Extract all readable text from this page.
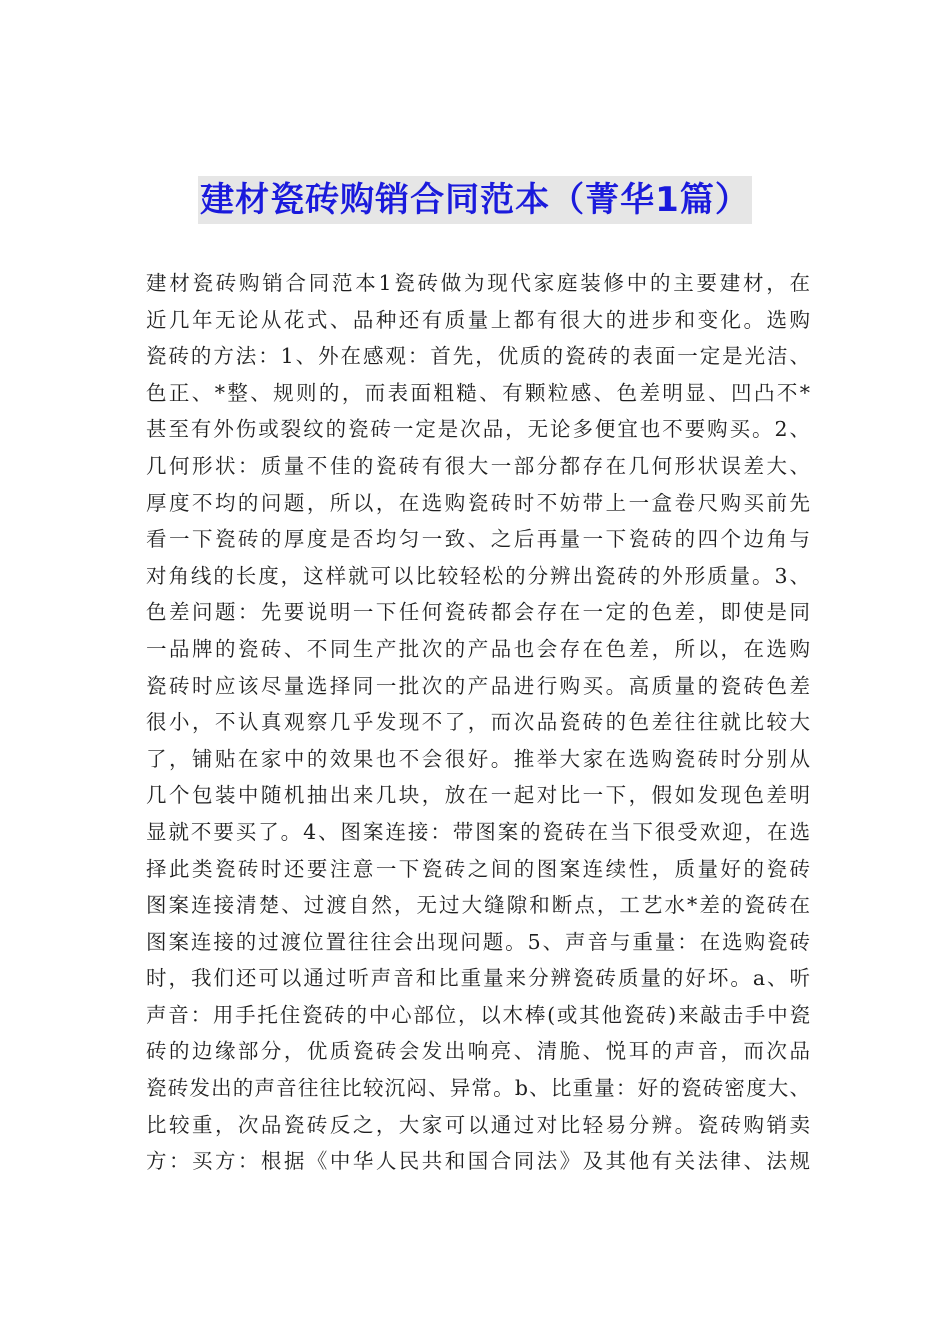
建材瓷砖购销合同范本（菁华1篇）
建材瓷砖购销合同范本1瓷砖做为现代家庭装修中的主要建材，在
近几年无论从花式、品种还有质量上都有很大的进步和变化。选购
瓷砖的方法：1、外在感观：首先，优质的瓷砖的表面一定是光洁、
色正、*整、规则的，而表面粗糙、有颗粒感、色差明显、凹凸不*
甚至有外伤或裂纹的瓷砖一定是次品，无论多便宜也不要购买。2、
几何形状：质量不佳的瓷砖有很大一部分都存在几何形状误差大、
厚度不均的问题，所以，在选购瓷砖时不妨带上一盒卷尺购买前先
看一下瓷砖的厚度是否均匀一致、之后再量一下瓷砖的四个边角与
对角线的长度，这样就可以比较轻松的分辨出瓷砖的外形质量。3、
色差问题：先要说明一下任何瓷砖都会存在一定的色差，即使是同
一品牌的瓷砖、不同生产批次的产品也会存在色差，所以，在选购
瓷砖时应该尽量选择同一批次的产品进行购买。高质量的瓷砖色差
很小，不认真观察几乎发现不了，而次品瓷砖的色差往往就比较大
了，铺贴在家中的效果也不会很好。推举大家在选购瓷砖时分别从
几个包装中随机抽出来几块，放在一起对比一下，假如发现色差明
显就不要买了。4、图案连接：带图案的瓷砖在当下很受欢迎，在选
择此类瓷砖时还要注意一下瓷砖之间的图案连续性，质量好的瓷砖
图案连接清楚、过渡自然，无过大缝隙和断点，工艺水*差的瓷砖在
图案连接的过渡位置往往会出现问题。5、声音与重量：在选购瓷砖
时，我们还可以通过听声音和比重量来分辨瓷砖质量的好坏。a、听
声音：用手托住瓷砖的中心部位，以木棒(或其他瓷砖)来敲击手中瓷
砖的边缘部分，优质瓷砖会发出响亮、清脆、悦耳的声音，而次品
瓷砖发出的声音往往比较沉闷、异常。b、比重量：好的瓷砖密度大、
比较重，次品瓷砖反之，大家可以通过对比轻易分辨。瓷砖购销卖
方：买方：根据《中华人民共和国合同法》及其他有关法律、法规
